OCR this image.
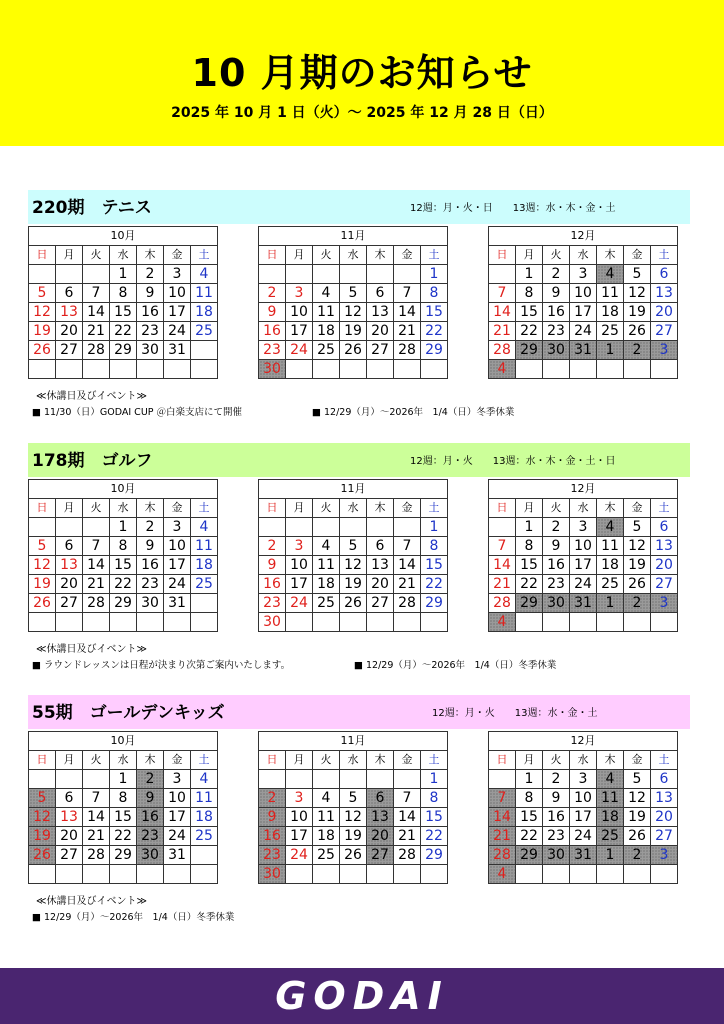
10 月期のお知らせ
2025 年 10 月 1 日（火）～ 2025 年 12 月 28 日（日）
220期　テニス	12週：月・火・日　　13週：水・木・金・土
10月						
日	月	火	水	木	金	土
			1	2	3	4
5	6	7	8	9	10	11
12	13	14	15	16	17	18
19	20	21	22	23	24	25
26	27	28	29	30	31	

11月						
日	月	火	水	木	金	土
						1
2	3	4	5	6	7	8
9	10	11	12	13	14	15
16	17	18	19	20	21	22
23	24	25	26	27	28	29
30						
12月						
日	月	火	水	木	金	土
	1	2	3	4	5	6
7	8	9	10	11	12	13
14	15	16	17	18	19	20
21	22	23	24	25	26	27
28	29	30	31	1	2	3
4						
≪休講日及びイベント≫
■ 11/30（日）GODAI CUP ＠白楽支店にて開催	■ 12/29（月）～2026年　1/4（日）冬季休業
178期　ゴルフ	12週：月・火　　13週：水・木・金・土・日
10月						
日	月	火	水	木	金	土
			1	2	3	4
5	6	7	8	9	10	11
12	13	14	15	16	17	18
19	20	21	22	23	24	25
26	27	28	29	30	31	

11月						
日	月	火	水	木	金	土
						1
2	3	4	5	6	7	8
9	10	11	12	13	14	15
16	17	18	19	20	21	22
23	24	25	26	27	28	29
30						
12月						
日	月	火	水	木	金	土
	1	2	3	4	5	6
7	8	9	10	11	12	13
14	15	16	17	18	19	20
21	22	23	24	25	26	27
28	29	30	31	1	2	3
4						
≪休講日及びイベント≫
■ ラウンドレッスンは日程が決まり次第ご案内いたします。	■ 12/29（月）～2026年　1/4（日）冬季休業
55期　ゴールデンキッズ	12週：月・火　　13週：水・金・土
10月						
日	月	火	水	木	金	土
			1	2	3	4
5	6	7	8	9	10	11
12	13	14	15	16	17	18
19	20	21	22	23	24	25
26	27	28	29	30	31	

11月						
日	月	火	水	木	金	土
						1
2	3	4	5	6	7	8
9	10	11	12	13	14	15
16	17	18	19	20	21	22
23	24	25	26	27	28	29
30						
12月						
日	月	火	水	木	金	土
	1	2	3	4	5	6
7	8	9	10	11	12	13
14	15	16	17	18	19	20
21	22	23	24	25	26	27
28	29	30	31	1	2	3
4						
≪休講日及びイベント≫
■ 12/29（月）～2026年　1/4（日）冬季休業
GODAI
